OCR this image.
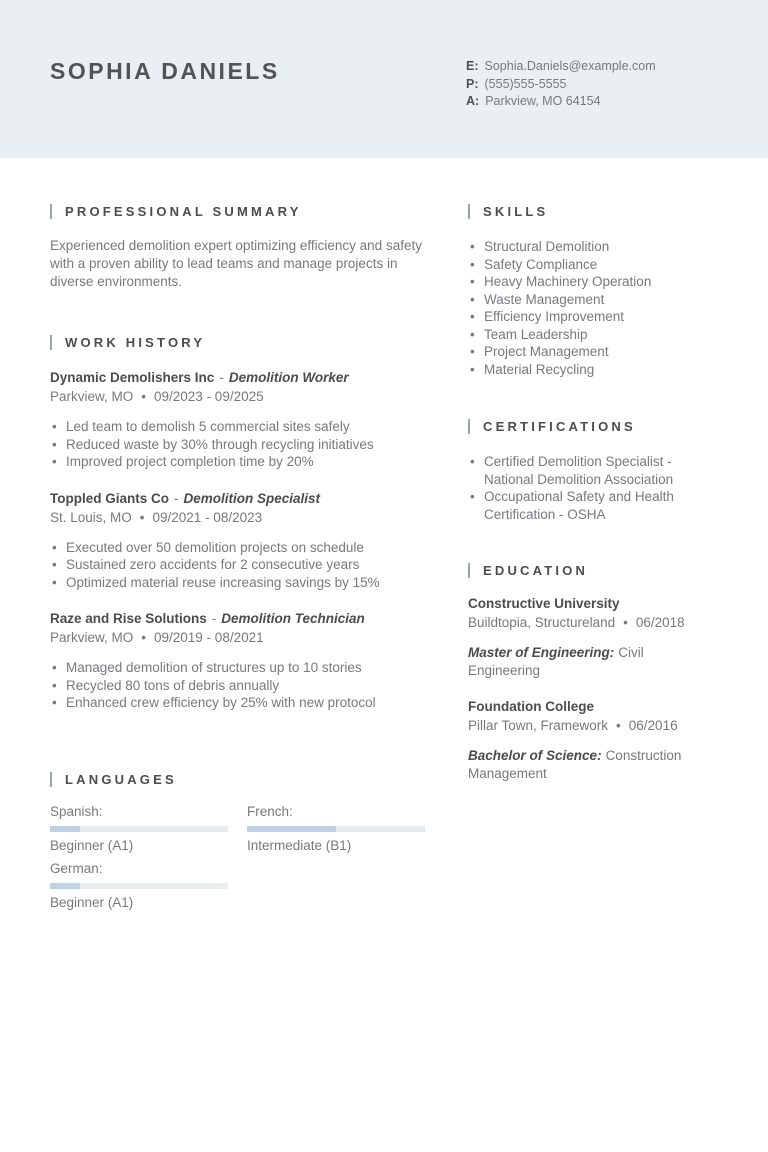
SOPHIA DANIELS	E: Sophia.Daniels@example.com
P: (555)555-5555
A: Parkview, MO 64154
PROFESSIONAL SUMMARY

Experienced demolition expert optimizing efficiency and safety with a proven ability to lead teams and manage projects in diverse environments.

WORK HISTORY
Dynamic Demolishers Inc - Demolition Worker
Parkview, MO • 09/2023 - 09/2025
• Led team to demolish 5 commercial sites safely
• Reduced waste by 30% through recycling initiatives
• Improved project completion time by 20%
Toppled Giants Co - Demolition Specialist
St. Louis, MO • 09/2021 - 08/2023
• Executed over 50 demolition projects on schedule
• Sustained zero accidents for 2 consecutive years
• Optimized material reuse increasing savings by 15%
Raze and Rise Solutions - Demolition Technician
Parkview, MO • 09/2019 - 08/2021
• Managed demolition of structures up to 10 stories
• Recycled 80 tons of debris annually
• Enhanced crew efficiency by 25% with new protocol
LANGUAGES
Spanish:
Beginner (A1)
French:
Intermediate (B1)
German:
Beginner (A1)
SKILLS
• Structural Demolition
• Safety Compliance
• Heavy Machinery Operation
• Waste Management
• Efficiency Improvement
• Team Leadership
• Project Management
• Material Recycling
CERTIFICATIONS
• Certified Demolition Specialist - National Demolition Association
• Occupational Safety and Health Certification - OSHA
EDUCATION
Constructive University
Buildtopia, Structureland • 06/2018
Master of Engineering: Civil Engineering
Foundation College
Pillar Town, Framework • 06/2016
Bachelor of Science: Construction Management
